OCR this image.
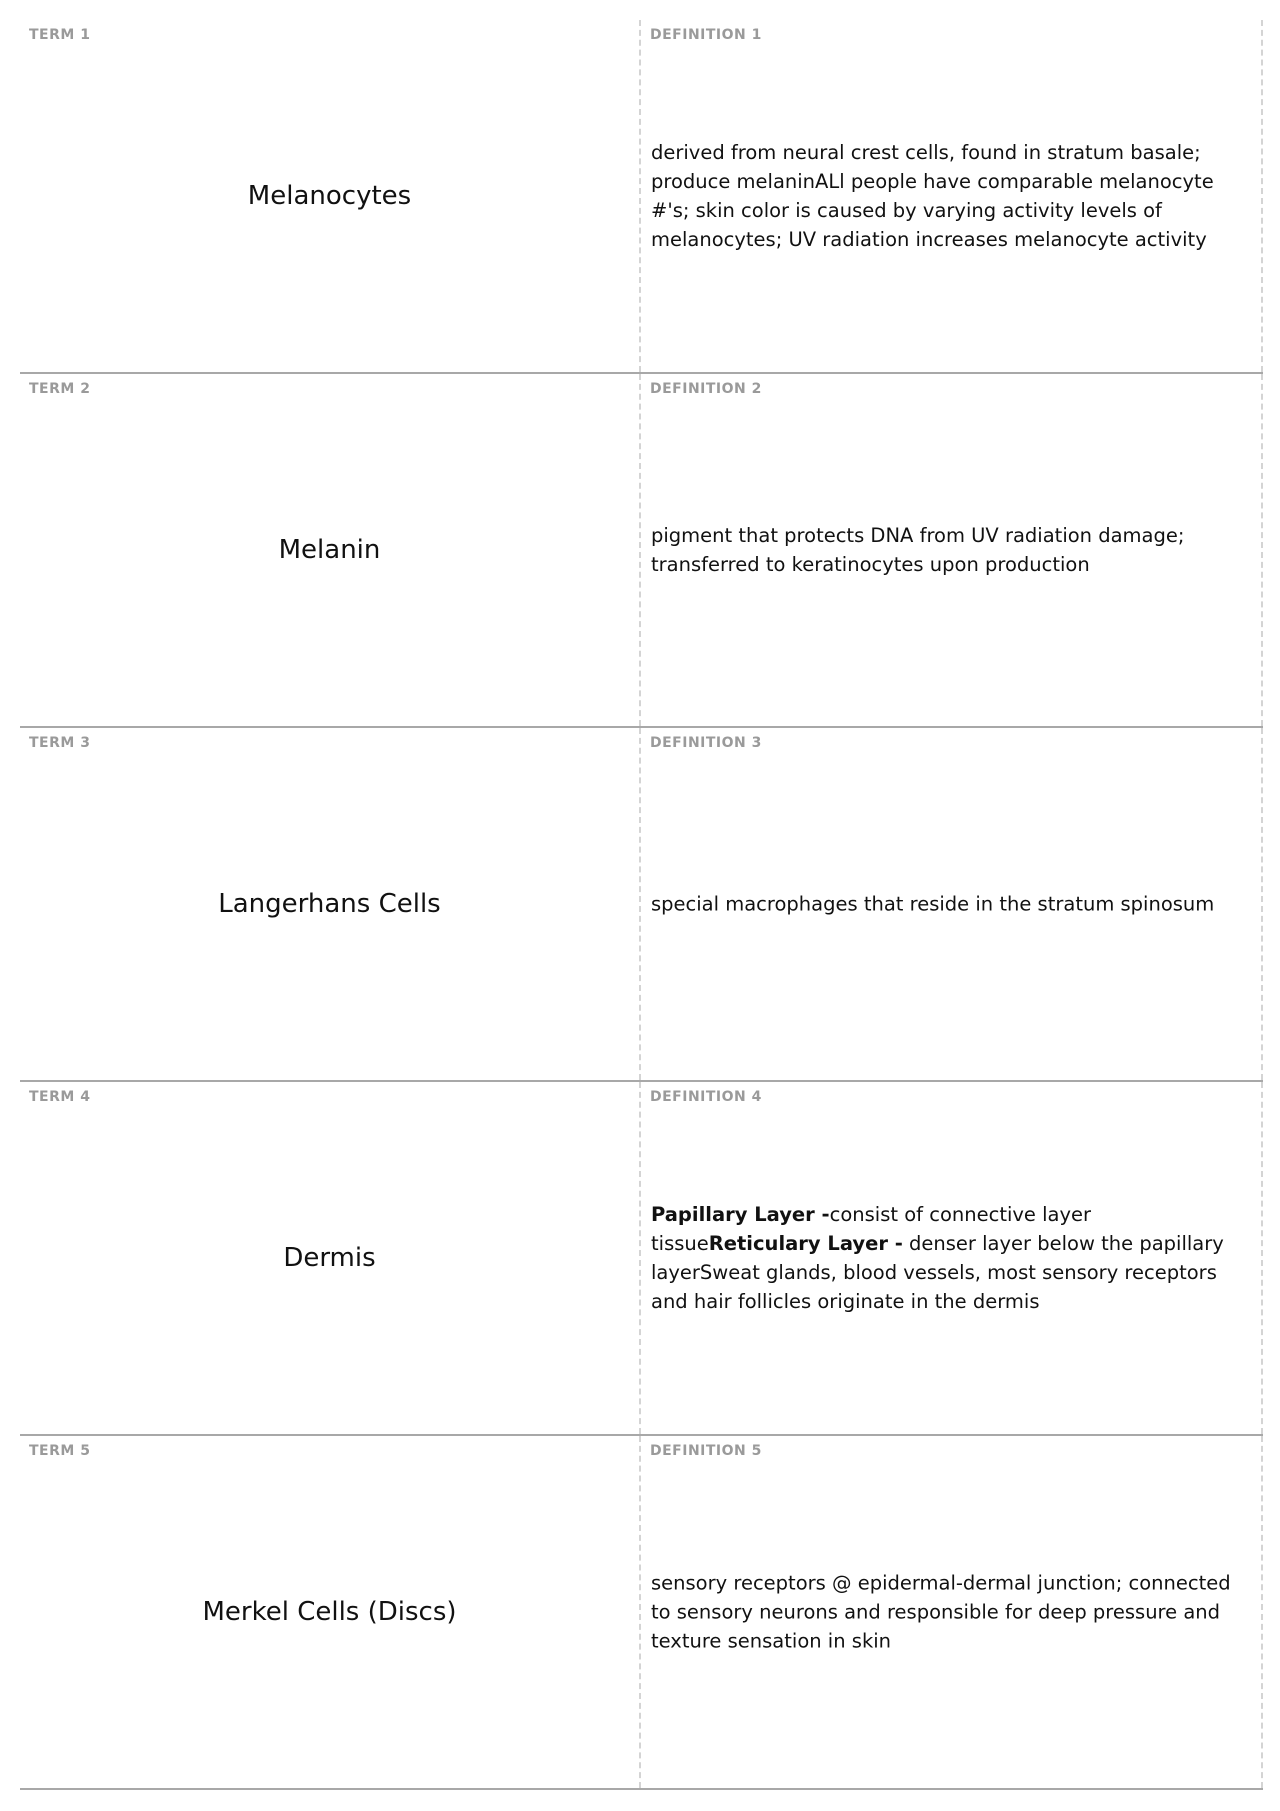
TERM 1
Melanocytes
DEFINITION 1
derived from neural crest cells, found in stratum basale; produce melaninALl people have comparable melanocyte #'s; skin color is caused by varying activity levels of melanocytes; UV radiation increases melanocyte activity
TERM 2
Melanin
DEFINITION 2
pigment that protects DNA from UV radiation damage; transferred to keratinocytes upon production
TERM 3
Langerhans Cells
DEFINITION 3
special macrophages that reside in the stratum spinosum
TERM 4
Dermis
DEFINITION 4
Papillary Layer -consist of connective layer tissueReticulary Layer - denser layer below the papillary layerSweat glands, blood vessels, most sensory receptors and hair follicles originate in the dermis
TERM 5
Merkel Cells (Discs)
DEFINITION 5
sensory receptors @ epidermal-dermal junction; connected to sensory neurons and responsible for deep pressure and texture sensation in skin
